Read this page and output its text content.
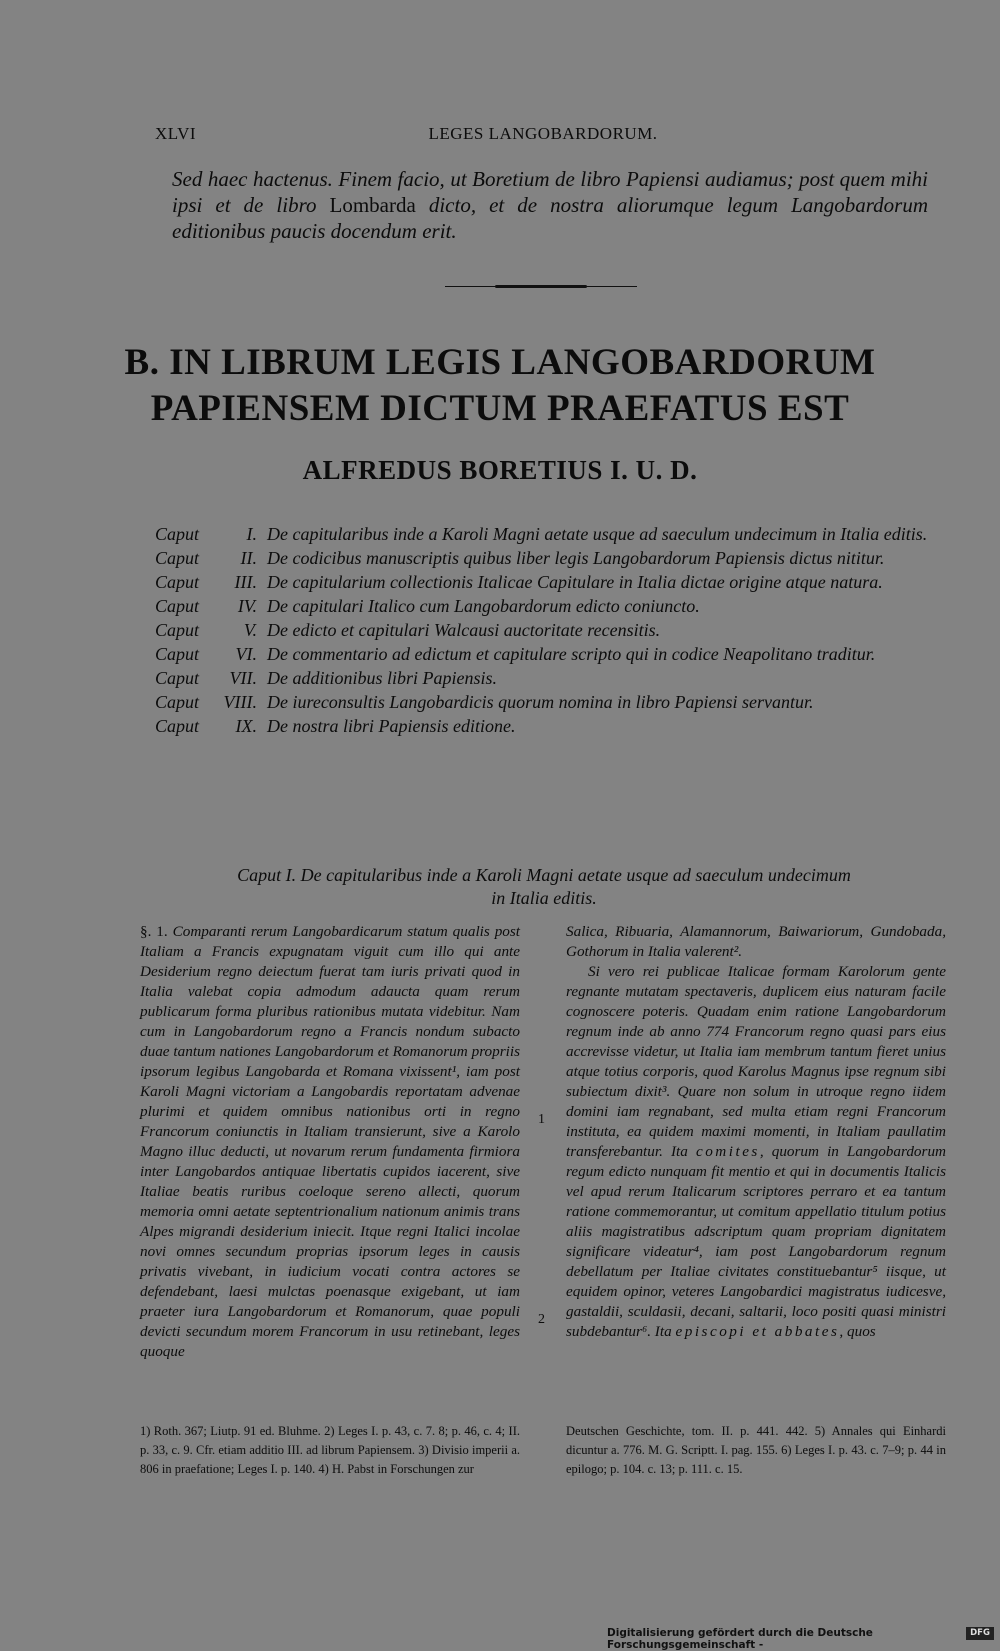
XLVI	LEGES LANGOBARDORUM.
Sed haec hactenus. Finem facio, ut Boretium de libro Papiensi audiamus; post quem mihi ipsi et de libro Lombarda dicto, et de nostra aliorumque legum Langobardorum editionibus paucis docendum erit.
B. IN LIBRUM LEGIS LANGOBARDORUM
PAPIENSEM DICTUM PRAEFATUS EST
ALFREDUS BORETIUS I. U. D.
Caput	I. De capitularibus inde a Karoli Magni aetate usque ad saeculum undecimum in Italia editis.
Caput II. De codicibus manuscriptis quibus liber legis Langobardorum Papiensis dictus nititur.
Caput III. De capitularium collectionis Italicae Capitulare in Italia dictae origine atque natura.
Caput IV. De capitulari Italico cum Langobardorum edicto coniuncto.
Caput V. De edicto et capitulari Walcausi auctoritate recensitis.
Caput VI. De commentario ad edictum et capitulare scripto qui in codice Neapolitano traditur.
Caput VII. De additionibus libri Papiensis.
Caput VIII. De iureconsultis Langobardicis quorum nomina in libro Papiensi servantur.
Caput IX. De nostra libri Papiensis editione.
Caput I. De capitularibus inde a Karoli Magni aetate usque ad saeculum undecimum
in Italia editis.
§. 1. Comparanti rerum Langobardicarum statum qualis post Italiam a Francis expugnatam viguit cum illo qui ante Desiderium regno deiectum fuerat tam iuris privati quod in Italia valebat copia admodum adaucta quam rerum publicarum forma pluribus rationibus mutata videbitur. Nam cum in Langobardorum regno a Francis nondum subacto duae tantum nationes Langobardorum et Romanorum propriis ipsorum legibus Langobarda et Romana vixissent¹, iam post Karoli Magni victoriam a Langobardis reportatam advenae plurimi et quidem omnibus nationibus orti in regno Francorum coniunctis in Italiam transierunt, sive a Karolo Magno illuc deducti, ut novarum rerum fundamenta firmiora inter Langobardos antiquae libertatis cupidos iacerent, sive Italiae beatis ruribus coeloque sereno allecti, quorum memoria omni aetate septentrionalium nationum animis trans Alpes migrandi desiderium iniecit. Itque regni Italici incolae novi omnes secundum proprias ipsorum leges in causis privatis vivebant, in iudicium vocati contra actores se defendebant, laesi mulctas poenasque exigebant, ut iam praeter iura Langobardorum et Romanorum, quae populi devicti secundum morem Francorum in usu retinebant, leges quoque
1
2
Salica, Ribuaria, Alamannorum, Baiwariorum, Gundobada, Gothorum in Italia valerent².
Si vero rei publicae Italicae formam Karolorum gente regnante mutatam spectaveris, duplicem eius naturam facile cognoscere poteris. Quadam enim ratione Langobardorum regnum inde ab anno 774 Francorum regno quasi pars eius accrevisse videtur, ut Italia iam membrum tantum fieret unius atque totius corporis, quod Karolus Magnus ipse regnum sibi subiectum dixit³. Quare non solum in utroque regno iidem domini iam regnabant, sed multa etiam regni Francorum instituta, ea quidem maximi momenti, in Italiam paullatim transferebantur. Ita comites, quorum in Langobardorum regum edicto nunquam fit mentio et qui in documentis Italicis vel apud rerum Italicarum scriptores perraro et ea tantum ratione commemorantur, ut comitum appellatio titulum potius aliis magistratibus adscriptum quam propriam dignitatem significare videatur⁴, iam post Langobardorum regnum debellatum per Italiae civitates constituebantur⁵ iisque, ut equidem opinor, veteres Langobardici magistratus iudicesve, gastaldii, sculdasii, decani, saltarii, loco positi quasi ministri subdebantur⁶. Ita episcopi et abbates, quos
1) Roth. 367; Liutp. 91 ed. Bluhme. 2) Leges I. p. 43, c. 7. 8; p. 46, c. 4; II. p. 33, c. 9. Cfr. etiam additio III. ad librum Papiensem. 3) Divisio imperii a. 806 in praefatione; Leges I. p. 140. 4) H. Pabst in Forschungen zur
Deutschen Geschichte, tom. II. p. 441. 442. 5) Annales qui Einhardi dicuntur a. 776. M. G. Scriptt. I. pag. 155. 6) Leges I. p. 43. c. 7–9; p. 44 in epilogo; p. 104. c. 13; p. 111. c. 15.
Digitalisierung gefördert durch die Deutsche Forschungsgemeinschaft -
DFG
